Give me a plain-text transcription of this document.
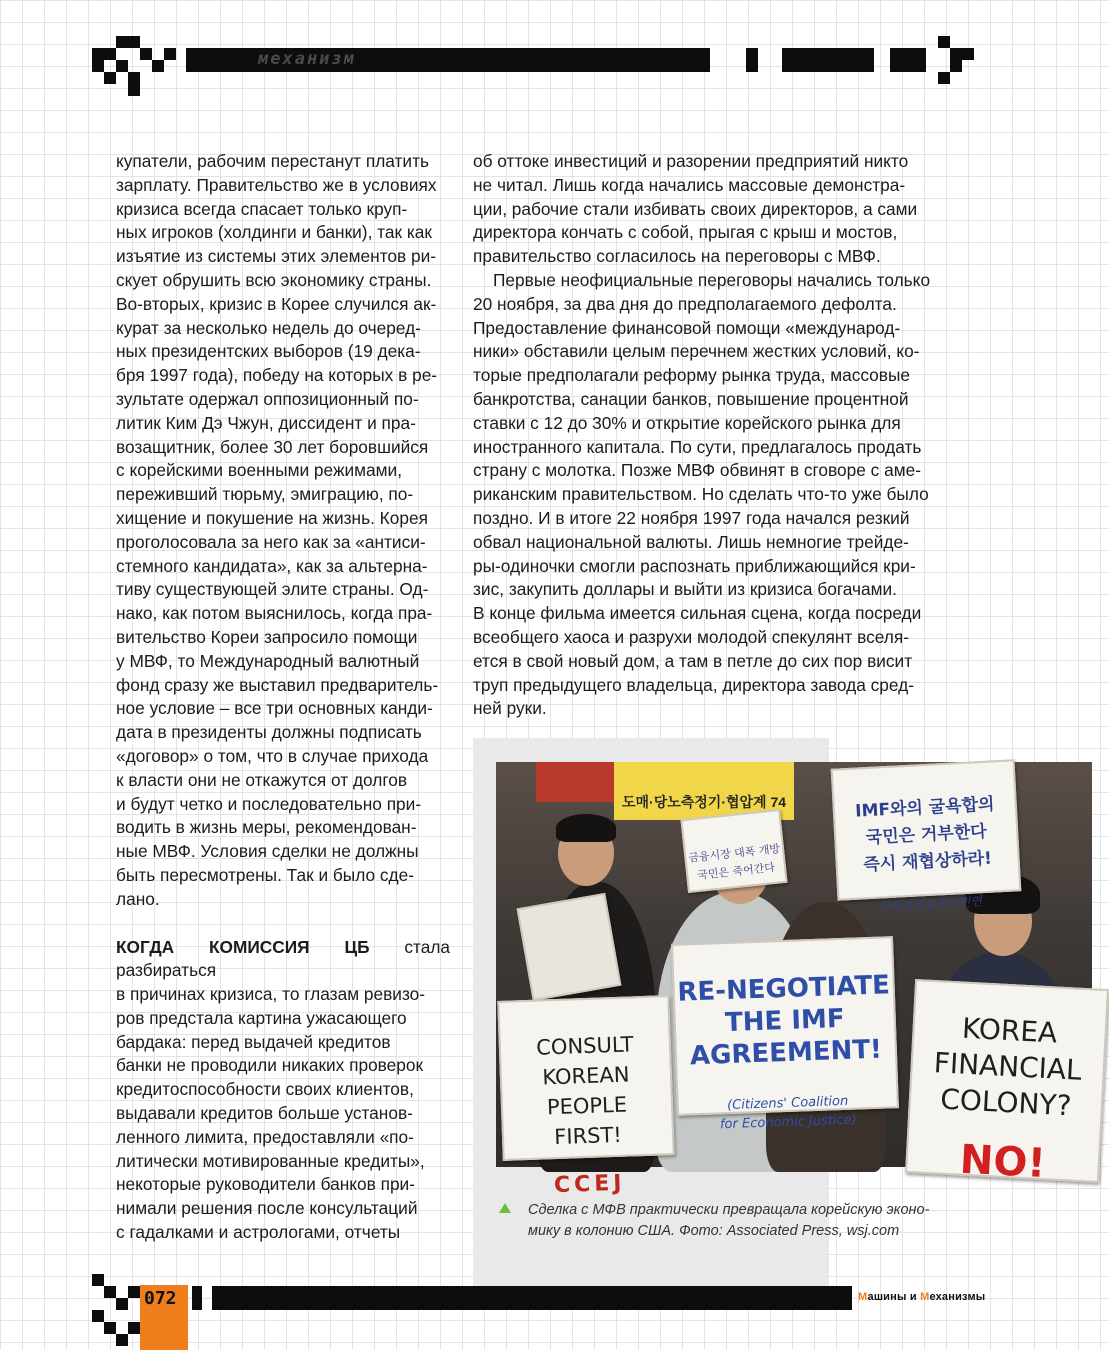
механизм

купатели, рабочим перестанут платить
зарплату. Правительство же в условиях
кризиса всегда спасает только круп-
ных игроков (холдинги и банки), так как
изъятие из системы этих элементов ри-
скует обрушить всю экономику страны.
Во-вторых, кризис в Корее случился ак-
курат за несколько недель до очеред-
ных президентских выборов (19 дека-
бря 1997 года), победу на которых в ре-
зультате одержал оппозиционный по-
литик Ким Дэ Чжун, диссидент и пра-
возащитник, более 30 лет боровшийся
с корейскими военными режимами,
переживший тюрьму, эмиграцию, по-
хищение и покушение на жизнь. Корея
проголосовала за него как за «антиси-
стемного кандидата», как за альтерна-
тиву существующей элите страны. Од-
нако, как потом выяснилось, когда пра-
вительство Кореи запросило помощи
у МВФ, то Международный валютный
фонд сразу же выставил предваритель-
ное условие – все три основных канди-
дата в президенты должны подписать
«договор» о том, что в случае прихода
к власти они не откажутся от долгов
и будут четко и последовательно при-
водить в жизнь меры, рекомендован-
ные МВФ. Условия сделки не должны
быть пересмотрены. Так и было сде-
лано.

КОГДА КОМИССИЯ ЦБ стала разбираться
в причинах кризиса, то глазам ревизо-
ров предстала картина ужасающего
бардака: перед выдачей кредитов
банки не проводили никаких проверок
кредитоспособности своих клиентов,
выдавали кредитов больше установ-
ленного лимита, предоставляли «по-
литически мотивированные кредиты»,
некоторые руководители банков при-
нимали решения после консультаций
с гадалками и астрологами, отчеты

об оттоке инвестиций и разорении предприятий никто
не читал. Лишь когда начались массовые демонстра-
ции, рабочие стали избивать своих директоров, а сами
директора кончать с собой, прыгая с крыш и мостов,
правительство согласилось на переговоры с МВФ.

Первые неофициальные переговоры начались только
20 ноября, за два дня до предполагаемого дефолта.
Предоставление финансовой помощи «международ-
ники» обставили целым перечнем жестких условий, ко-
торые предполагали реформу рынка труда, массовые
банкротства, санации банков, повышение процентной
ставки с 12 до 30% и открытие корейского рынка для
иностранного капитала. По сути, предлагалось продать
страну с молотка. Позже МВФ обвинят в сговоре с аме-
риканским правительством. Но сделать что-то уже было
поздно. И в итоге 22 ноября 1997 года начался резкий
обвал национальной валюты. Лишь немногие трейде-
ры-одиночки смогли распознать приближающийся кри-
зис, закупить доллары и выйти из кризиса богачами.
В конце фильма имеется сильная сцена, когда посреди
всеобщего хаоса и разрухи молодой спекулянт вселя-
ется в свой новый дом, а там в петле до сих пор висит
труп предыдущего владельца, директора завода сред-
ней руки.

도매·당노측정기·협압계 74	IMF와의 굴욕합의
국민은 거부한다
즉시 재협상하라!

경제정의실천시민연

금융시장 대폭 개방
국민은 죽어간다

RE-NEGOTIATE
THE IMF
AGREEMENT!

(Citizens' Coalition
for Economic Justice)

CONSULT
KOREAN PEOPLE
FIRST!

CCEJ

KOREA
FINANCIAL
COLONY?

NO!

Сделка с МФВ практически превращала корейскую эконо-
мику в колонию США. Фото: Associated Press, wsj.com

072	Машины и Механизмы
